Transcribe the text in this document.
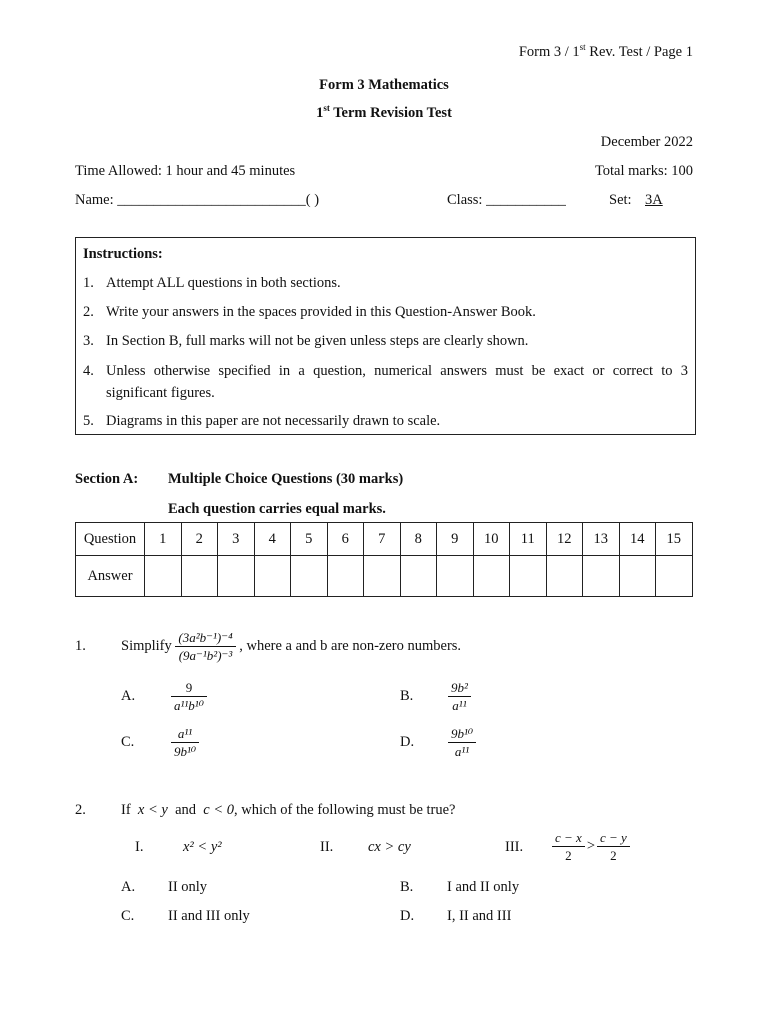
Form 3 / 1st Rev. Test / Page 1
Form 3 Mathematics
1st Term Revision Test
December 2022
Time Allowed: 1 hour and 45 minutes	Total marks: 100
Name: __________________________( )	Class: ___________	Set: 3A
Instructions:
1. Attempt ALL questions in both sections.
2. Write your answers in the spaces provided in this Question-Answer Book.
3. In Section B, full marks will not be given unless steps are clearly shown.
4. Unless otherwise specified in a question, numerical answers must be exact or correct to 3 significant figures.
5. Diagrams in this paper are not necessarily drawn to scale.
Section A: Multiple Choice Questions (30 marks)
Each question carries equal marks.
Question	1	2	3	4	5	6	7	8	9	10	11	12	13	14	15
Answer															
1. Simplify
$\frac{\text{(3a²b⁻¹)⁻⁴}}{\text{(9a⁻¹b²)⁻³}}$
, where a and b are non-zero numbers.
A.	$\frac{9}{\text{a¹¹b¹⁰}}$	B.	$\frac{\text{9b²}}{\text{a¹¹}}$
C.	$\frac{\text{a¹¹}}{\text{9b¹⁰}}$	D.	$\frac{\text{9b¹⁰}}{\text{a¹¹}}$
2. If x < y and c < 0, which of the following must be true?
I.	x² < y²	II. cx > cy	III. $\frac{c - x}{2} > \frac{c - y}{2}$
A. II only	B. I and II only
C. II and III only	D. I, II and III
